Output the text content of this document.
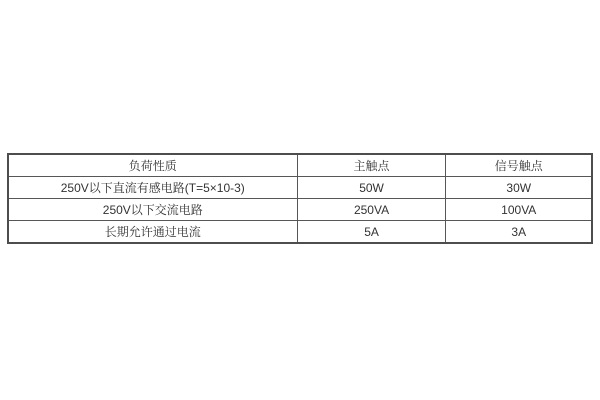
负荷性质	主触点	信号触点
250V以下直流有感电路(T=5×10-3)	50W	30W
250V以下交流电路	250VA	100VA
长期允许通过电流	5A	3A
